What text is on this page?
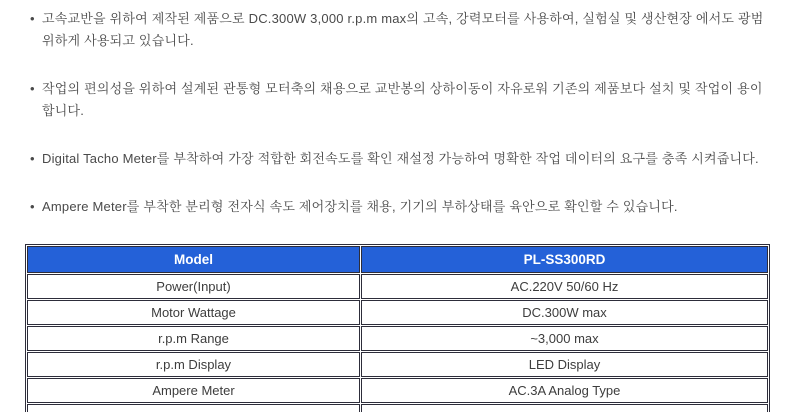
• 고속교반을 위하여 제작된 제품으로 DC.300W 3,000 r.p.m max의 고속, 강력모터를 사용하여, 실험실 및 생산현장 에서도 광범위하게 사용되고 있습니다.
• 작업의 편의성을 위하여 설계된 관통형 모터축의 채용으로 교반봉의 상하이동이 자유로워 기존의 제품보다 설치 및 작업이 용이합니다.
• Digital Tacho Meter를 부착하여 가장 적합한 회전속도를 확인 재설정 가능하여 명확한 작업 데이터의 요구를 충족 시켜줍니다.
• Ampere Meter를 부착한 분리형 전자식 속도 제어장치를 채용, 기기의 부하상태를 육안으로 확인할 수 있습니다.
Model	PL-SS300RD
Power(Input)	AC.220V 50/60 Hz
Motor Wattage	DC.300W max
r.p.m Range	~3,000 max
r.p.m Display	LED Display
Ampere Meter	AC.3A Analog Type
